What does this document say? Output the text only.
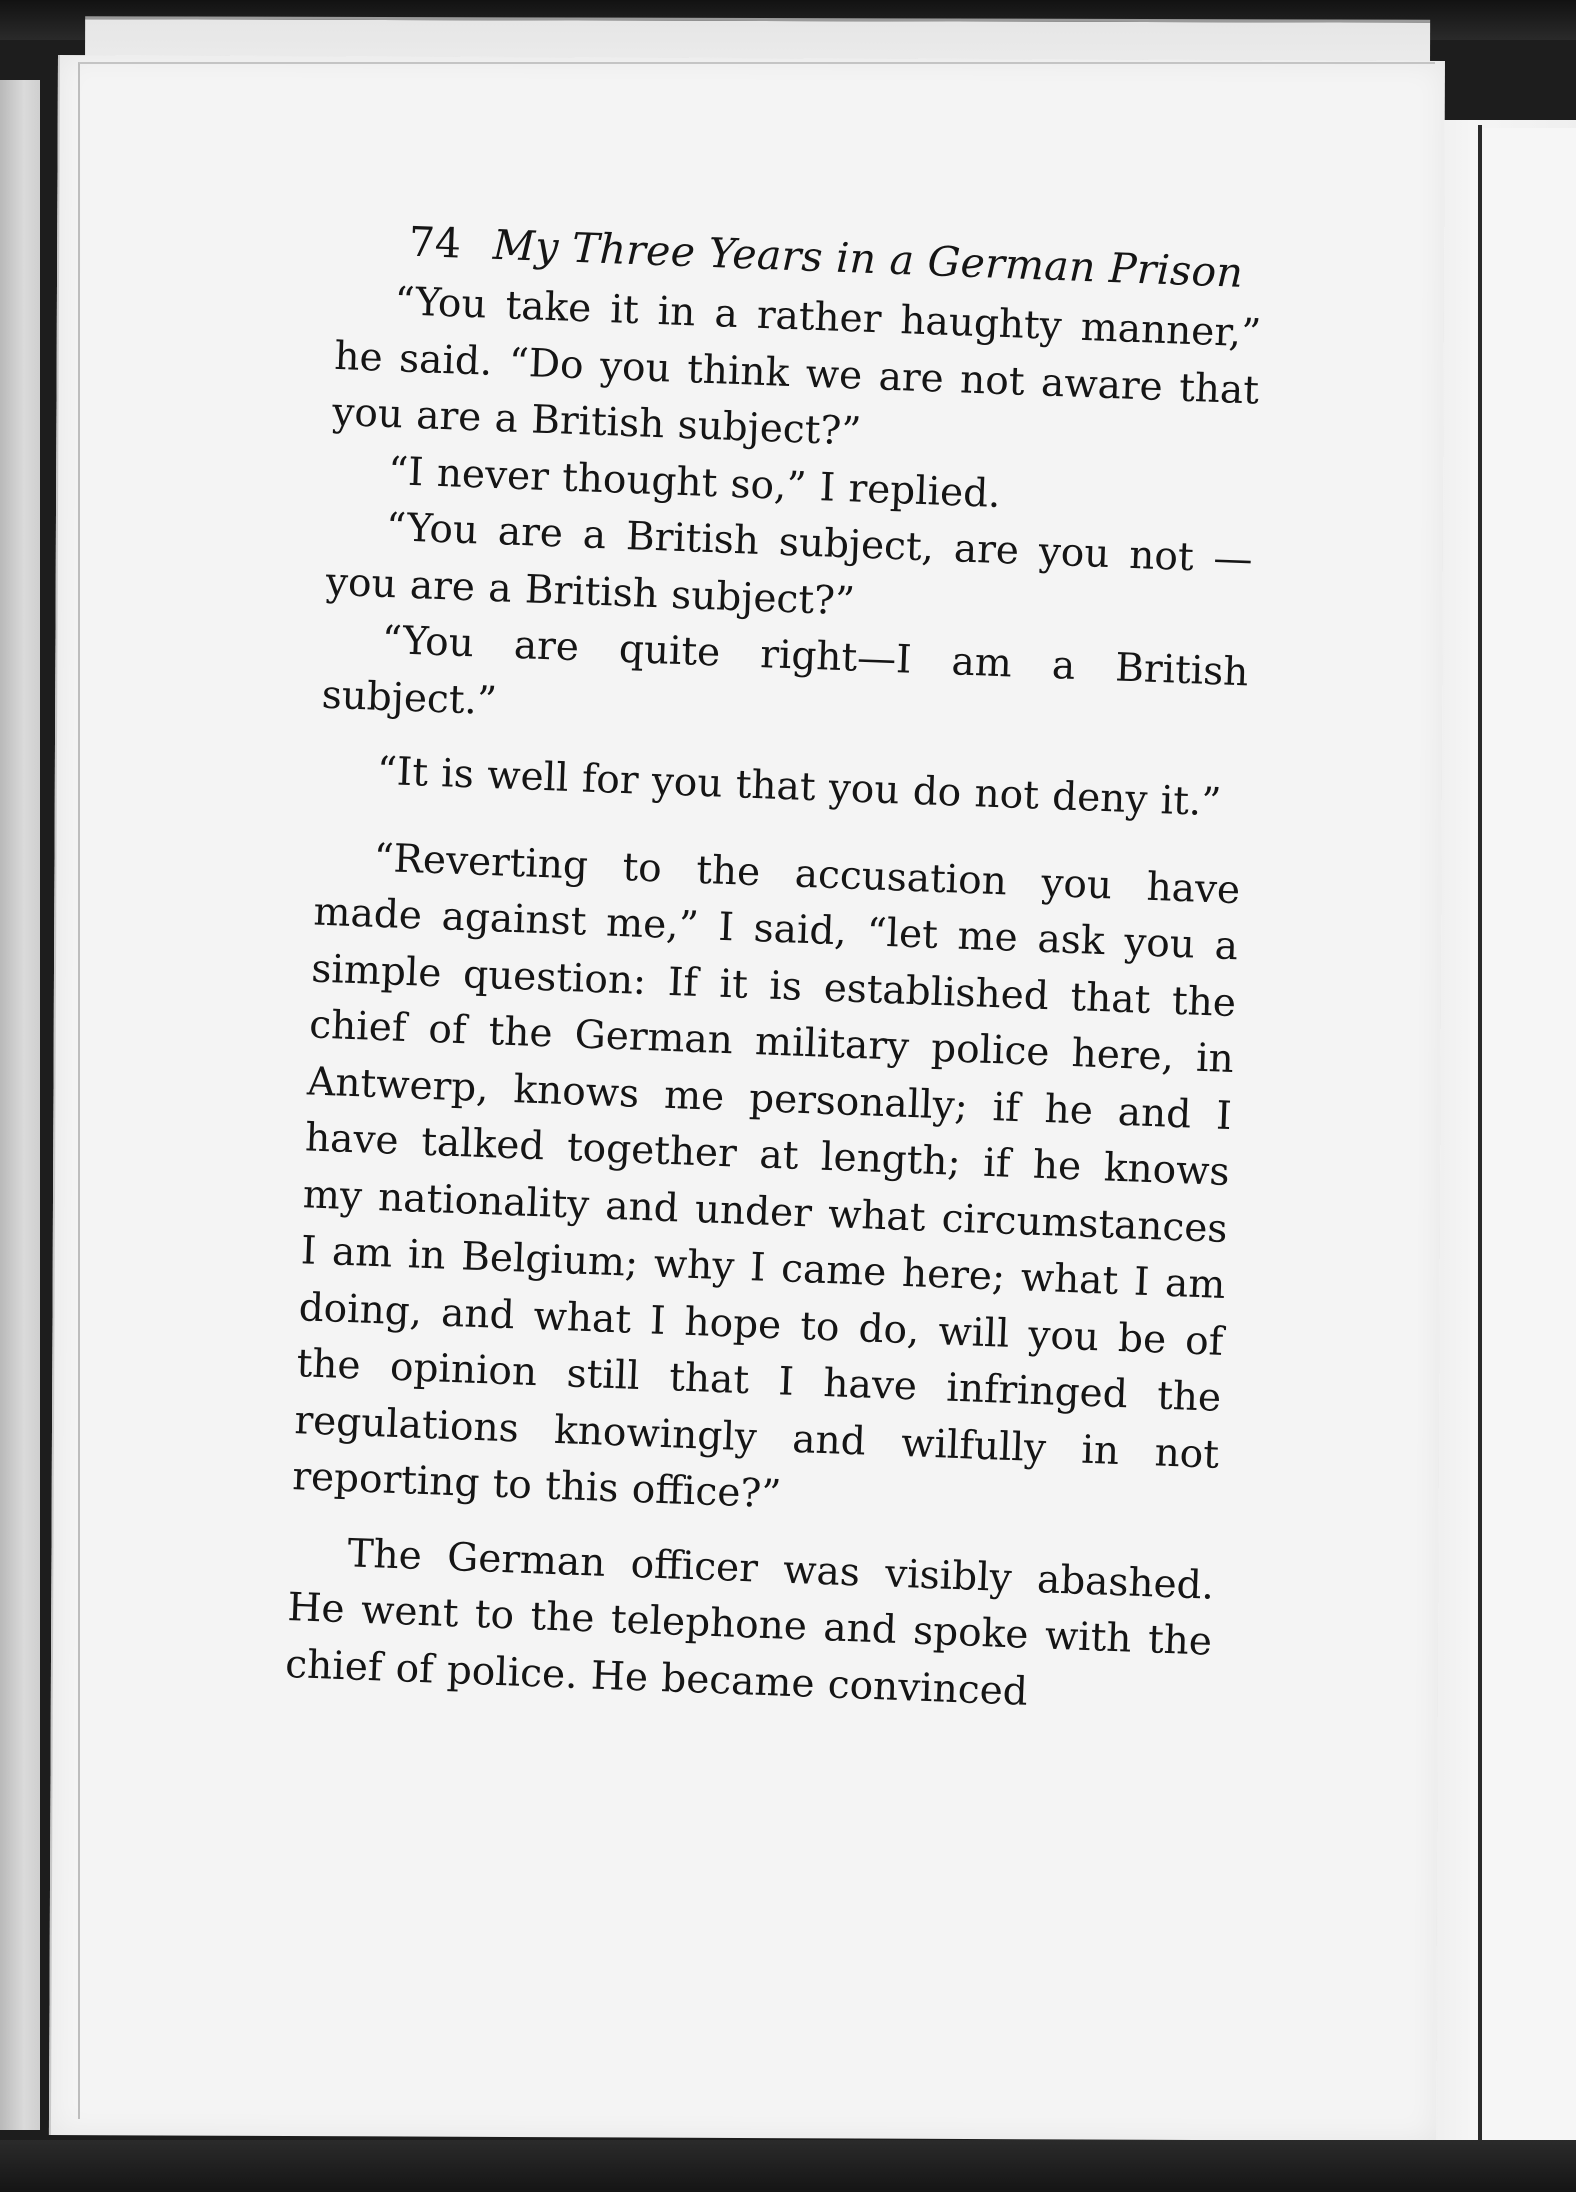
74 My Three Years in a German Prison

“You take it in a rather haughty manner,” he said. “Do you think we are not aware that you are a British subject?”

“I never thought so,” I replied.

“You are a British subject, are you not —you are a British subject?”

“You are quite right—I am a British subject.”

“It is well for you that you do not deny it.”

“Reverting to the accusation you have made against me,” I said, “let me ask you a simple question: If it is established that the chief of the German military police here, in Antwerp, knows me personally; if he and I have talked together at length; if he knows my nationality and under what circumstances I am in Belgium; why I came here; what I am doing, and what I hope to do, will you be of the opinion still that I have infringed the regulations knowingly and wilfully in not reporting to this office?”

The German officer was visibly abashed. He went to the telephone and spoke with the chief of police. He became convinced
